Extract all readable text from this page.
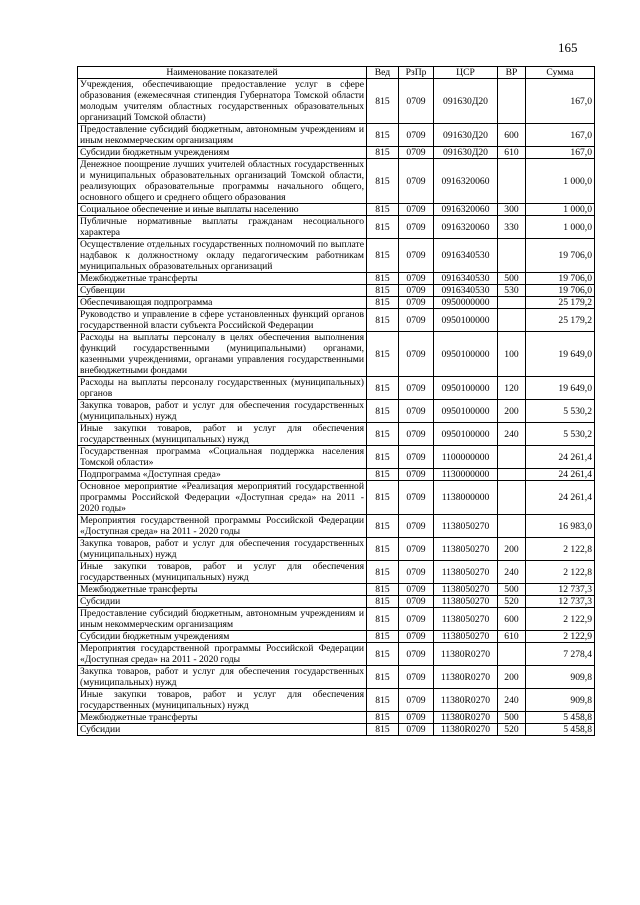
165
Наименование показателей	Вед	РзПр	ЦСР	ВР	Сумма
Учреждения, обеспечивающие предоставление услуг в сфере образования (ежемесячная стипендия Губернатора Томской области молодым учителям областных государственных образовательных организаций Томской области)	815	0709	091630Д20		167,0
Предоставление субсидий бюджетным, автономным учреждениям и иным некоммерческим организациям	815	0709	091630Д20	600	167,0
Субсидии бюджетным учреждениям	815	0709	091630Д20	610	167,0
Денежное поощрение лучших учителей областных государственных и муниципальных образовательных организаций Томской области, реализующих образовательные программы начального общего, основного общего и среднего общего образования	815	0709	0916320060		1 000,0
Социальное обеспечение и иные выплаты населению	815	0709	0916320060	300	1 000,0
Публичные нормативные выплаты гражданам несоциального характера	815	0709	0916320060	330	1 000,0
Осуществление отдельных государственных полномочий по выплате надбавок к должностному окладу педагогическим работникам муниципальных образовательных организаций	815	0709	0916340530		19 706,0
Межбюджетные трансферты	815	0709	0916340530	500	19 706,0
Субвенции	815	0709	0916340530	530	19 706,0
Обеспечивающая подпрограмма	815	0709	0950000000		25 179,2
Руководство и управление в сфере установленных функций органов государственной власти субъекта Российской Федерации	815	0709	0950100000		25 179,2
Расходы на выплаты персоналу в целях обеспечения выполнения функций государственными (муниципальными) органами, казенными учреждениями, органами управления государственными внебюджетными фондами	815	0709	0950100000	100	19 649,0
Расходы на выплаты персоналу государственных (муниципальных) органов	815	0709	0950100000	120	19 649,0
Закупка товаров, работ и услуг для обеспечения государственных (муниципальных) нужд	815	0709	0950100000	200	5 530,2
Иные закупки товаров, работ и услуг для обеспечения государственных (муниципальных) нужд	815	0709	0950100000	240	5 530,2
Государственная программа «Социальная поддержка населения Томской области»	815	0709	1100000000		24 261,4
Подпрограмма «Доступная среда»	815	0709	1130000000		24 261,4
Основное мероприятие «Реализация мероприятий государственной программы Российской Федерации «Доступная среда» на 2011 - 2020 годы»	815	0709	1138000000		24 261,4
Мероприятия государственной программы Российской Федерации «Доступная среда» на 2011 - 2020 годы	815	0709	1138050270		16 983,0
Закупка товаров, работ и услуг для обеспечения государственных (муниципальных) нужд	815	0709	1138050270	200	2 122,8
Иные закупки товаров, работ и услуг для обеспечения государственных (муниципальных) нужд	815	0709	1138050270	240	2 122,8
Межбюджетные трансферты	815	0709	1138050270	500	12 737,3
Субсидии	815	0709	1138050270	520	12 737,3
Предоставление субсидий бюджетным, автономным учреждениям и иным некоммерческим организациям	815	0709	1138050270	600	2 122,9
Субсидии бюджетным учреждениям	815	0709	1138050270	610	2 122,9
Мероприятия государственной программы Российской Федерации «Доступная среда» на 2011 - 2020 годы	815	0709	11380R0270		7 278,4
Закупка товаров, работ и услуг для обеспечения государственных (муниципальных) нужд	815	0709	11380R0270	200	909,8
Иные закупки товаров, работ и услуг для обеспечения государственных (муниципальных) нужд	815	0709	11380R0270	240	909,8
Межбюджетные трансферты	815	0709	11380R0270	500	5 458,8
Субсидии	815	0709	11380R0270	520	5 458,8
